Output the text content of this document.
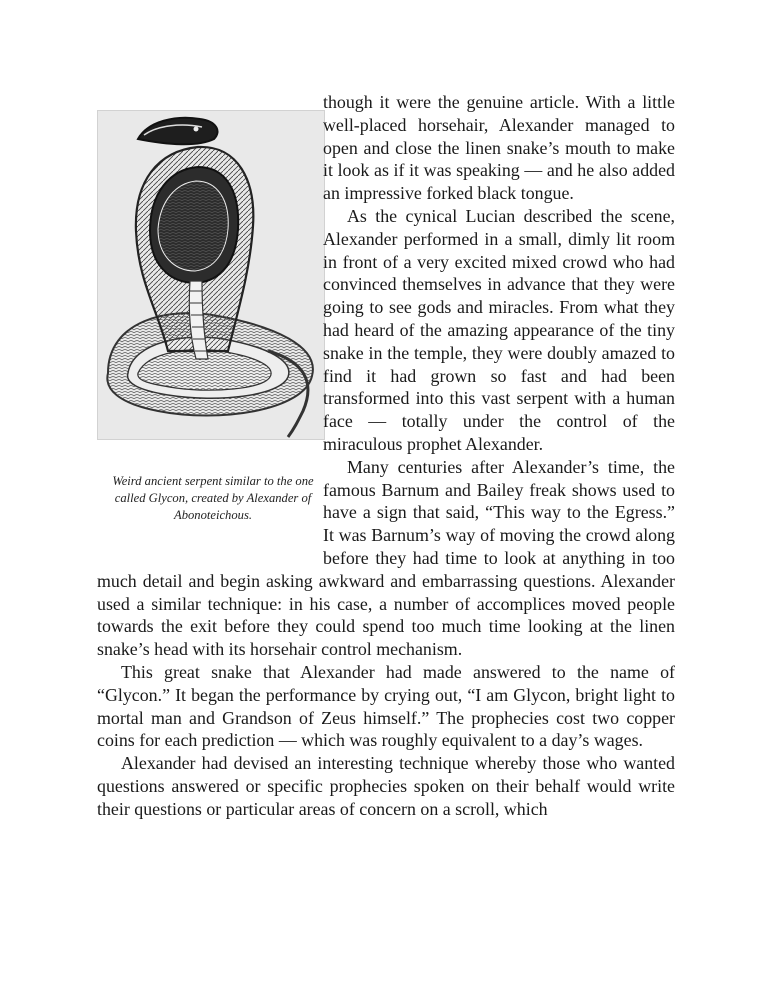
Weird ancient serpent similar to the one called Glycon, created by Alexander of Abonoteichous.

though it were the genuine article. With a little well-placed horsehair, Alexander managed to open and close the linen snake’s mouth to make it look as if it was speaking — and he also added an impressive forked black tongue.

As the cynical Lucian described the scene, Alexander performed in a small, dimly lit room in front of a very excited mixed crowd who had convinced themselves in advance that they were going to see gods and miracles. From what they had heard of the amazing appearance of the tiny snake in the temple, they were doubly amazed to find it had grown so fast and had been transformed into this vast serpent with a human face — totally under the control of the miraculous prophet Alexander.

Many centuries after Alexander’s time, the famous Barnum and Bailey freak shows used to have a sign that said, “This way to the Egress.” It was Barnum’s way of moving the crowd along before they had time to look at anything in too much detail and begin asking awkward and embarrassing questions. Alexander used a similar technique: in his case, a number of accomplices moved people towards the exit before they could spend too much time looking at the linen snake’s head with its horsehair control mechanism.

This great snake that Alexander had made answered to the name of “Glycon.” It began the performance by crying out, “I am Glycon, bright light to mortal man and Grandson of Zeus himself.” The prophecies cost two copper coins for each prediction — which was roughly equivalent to a day’s wages.

Alexander had devised an interesting technique whereby those who wanted questions answered or specific prophecies spoken on their behalf would write their questions or particular areas of concern on a scroll, which
